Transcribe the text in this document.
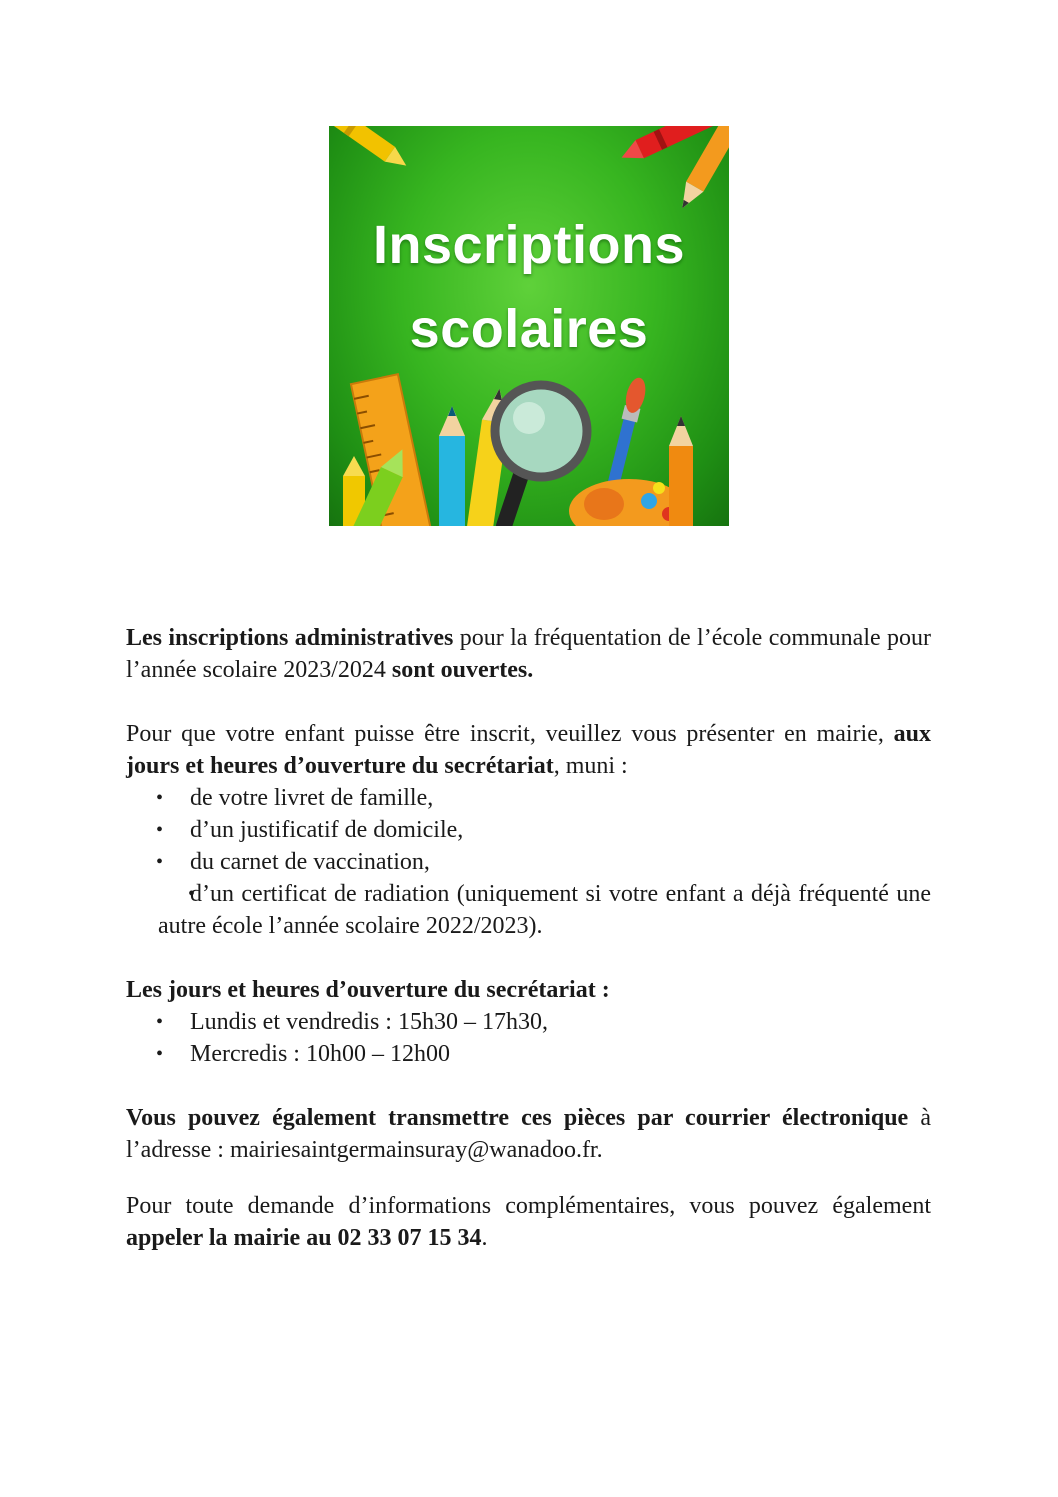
Inscriptions
scolaires

Les inscriptions administratives pour la fréquentation de l’école communale pour l’année scolaire 2023/2024 sont ouvertes.

Pour que votre enfant puisse être inscrit, veuillez vous présenter en mairie, aux jours et heures d’ouverture du secrétariat, muni :

• de votre livret de famille,
• d’un justificatif de domicile,
• du carnet de vaccination,
• d’un certificat de radiation (uniquement si votre enfant a déjà fréquenté une autre école l’année scolaire 2022/2023).

Les jours et heures d’ouverture du secrétariat :

• Lundis et vendredis : 15h30 – 17h30,
• Mercredis : 10h00 – 12h00

Vous pouvez également transmettre ces pièces par courrier électronique à l’adresse : mairiesaintgermainsuray@wanadoo.fr.

Pour toute demande d’informations complémentaires, vous pouvez également appeler la mairie au 02 33 07 15 34.
